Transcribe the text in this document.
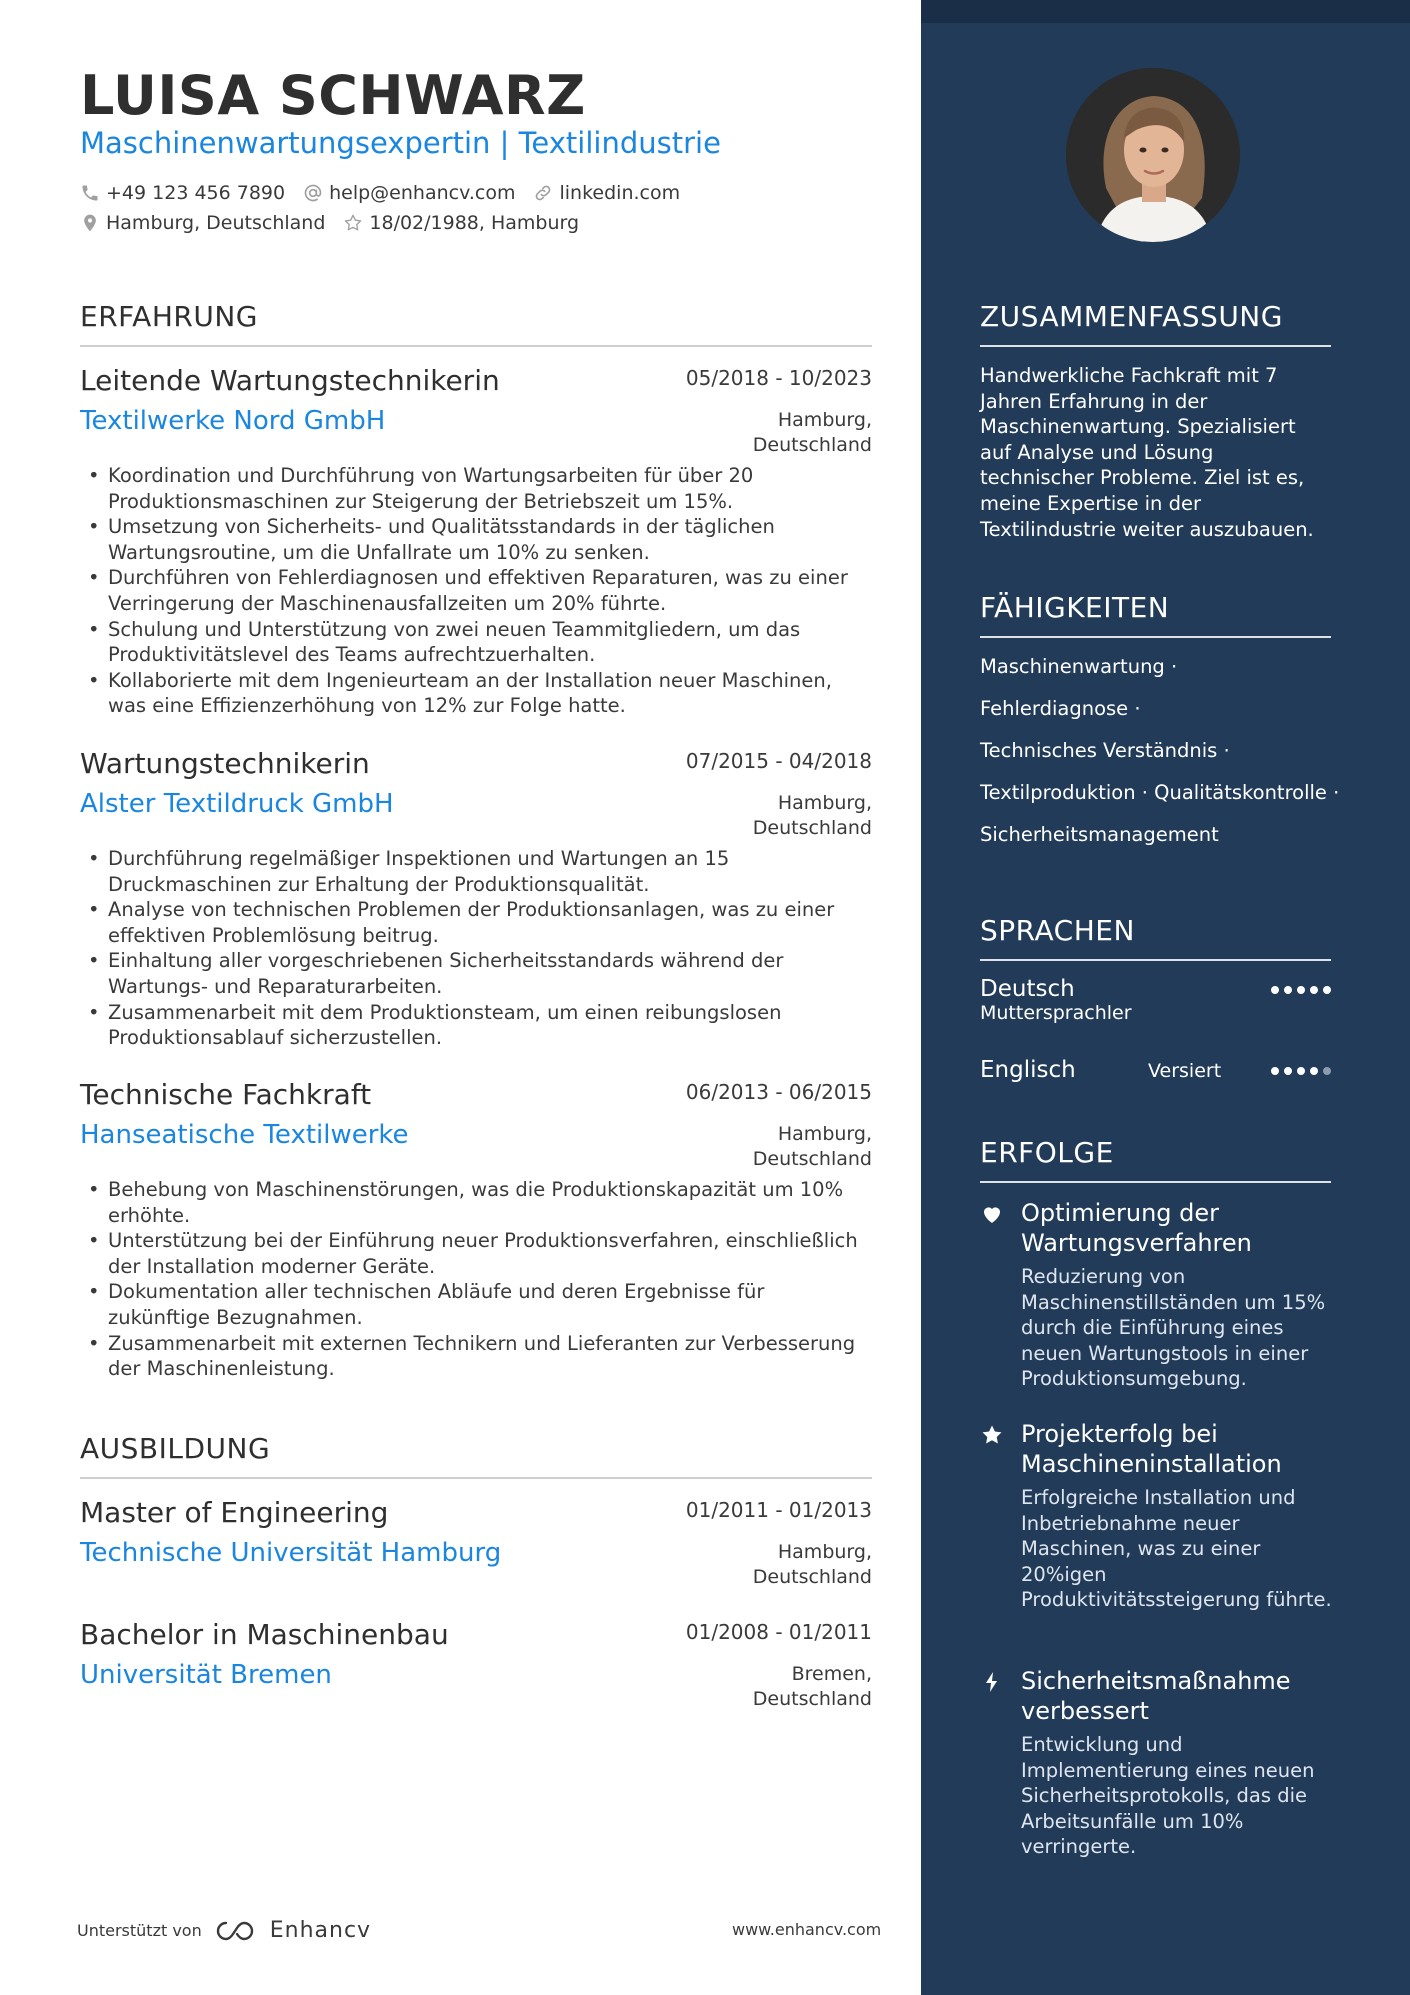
LUISA SCHWARZ
Maschinenwartungsexpertin | Textilindustrie
+49 123 456 7890 help@enhancv.com linkedin.com
Hamburg, Deutschland 18/02/1988, Hamburg
ERFAHRUNG
Leitende Wartungstechnikerin	05/2018 - 10/2023
Textilwerke Nord GmbH	Hamburg,
Deutschland
• Koordination und Durchführung von Wartungsarbeiten für über 20 Produktionsmaschinen zur Steigerung der Betriebszeit um 15%.
• Umsetzung von Sicherheits- und Qualitätsstandards in der täglichen Wartungsroutine, um die Unfallrate um 10% zu senken.
• Durchführen von Fehlerdiagnosen und effektiven Reparaturen, was zu einer Verringerung der Maschinenausfallzeiten um 20% führte.
• Schulung und Unterstützung von zwei neuen Teammitgliedern, um das Produktivitätslevel des Teams aufrechtzuerhalten.
• Kollaborierte mit dem Ingenieurteam an der Installation neuer Maschinen, was eine Effizienzerhöhung von 12% zur Folge hatte.
Wartungstechnikerin	07/2015 - 04/2018
Alster Textildruck GmbH	Hamburg,
Deutschland
• Durchführung regelmäßiger Inspektionen und Wartungen an 15 Druckmaschinen zur Erhaltung der Produktionsqualität.
• Analyse von technischen Problemen der Produktionsanlagen, was zu einer effektiven Problemlösung beitrug.
• Einhaltung aller vorgeschriebenen Sicherheitsstandards während der Wartungs- und Reparaturarbeiten.
• Zusammenarbeit mit dem Produktionsteam, um einen reibungslosen Produktionsablauf sicherzustellen.
Technische Fachkraft	06/2013 - 06/2015
Hanseatische Textilwerke	Hamburg,
Deutschland
• Behebung von Maschinenstörungen, was die Produktionskapazität um 10% erhöhte.
• Unterstützung bei der Einführung neuer Produktionsverfahren, einschließlich der Installation moderner Geräte.
• Dokumentation aller technischen Abläufe und deren Ergebnisse für zukünftige Bezugnahmen.
• Zusammenarbeit mit externen Technikern und Lieferanten zur Verbesserung der Maschinenleistung.
AUSBILDUNG
Master of Engineering	01/2011 - 01/2013
Technische Universität Hamburg	Hamburg,
Deutschland
Bachelor in Maschinenbau	01/2008 - 01/2011
Universität Bremen	Bremen,
Deutschland
Unterstützt von	Enhancv	www.enhancv.com
ZUSAMMENFASSUNG
Handwerkliche Fachkraft mit 7 Jahren Erfahrung in der Maschinenwartung. Spezialisiert auf Analyse und Lösung technischer Probleme. Ziel ist es, meine Expertise in der Textilindustrie weiter auszubauen.
FÄHIGKEITEN
Maschinenwartung ·
Fehlerdiagnose ·
Technisches Verständnis ·
Textilproduktion · Qualitätskontrolle ·
Sicherheitsmanagement
SPRACHEN
Deutsch
Muttersprachler
Englisch	Versiert
ERFOLGE
Optimierung der Wartungsverfahren
Reduzierung von Maschinenstillständen um 15% durch die Einführung eines neuen Wartungstools in einer Produktionsumgebung.
Projekterfolg bei Maschineninstallation
Erfolgreiche Installation und Inbetriebnahme neuer Maschinen, was zu einer 20%igen Produktivitätssteigerung führte.
Sicherheitsmaßnahme verbessert
Entwicklung und Implementierung eines neuen Sicherheitsprotokolls, das die Arbeitsunfälle um 10% verringerte.
